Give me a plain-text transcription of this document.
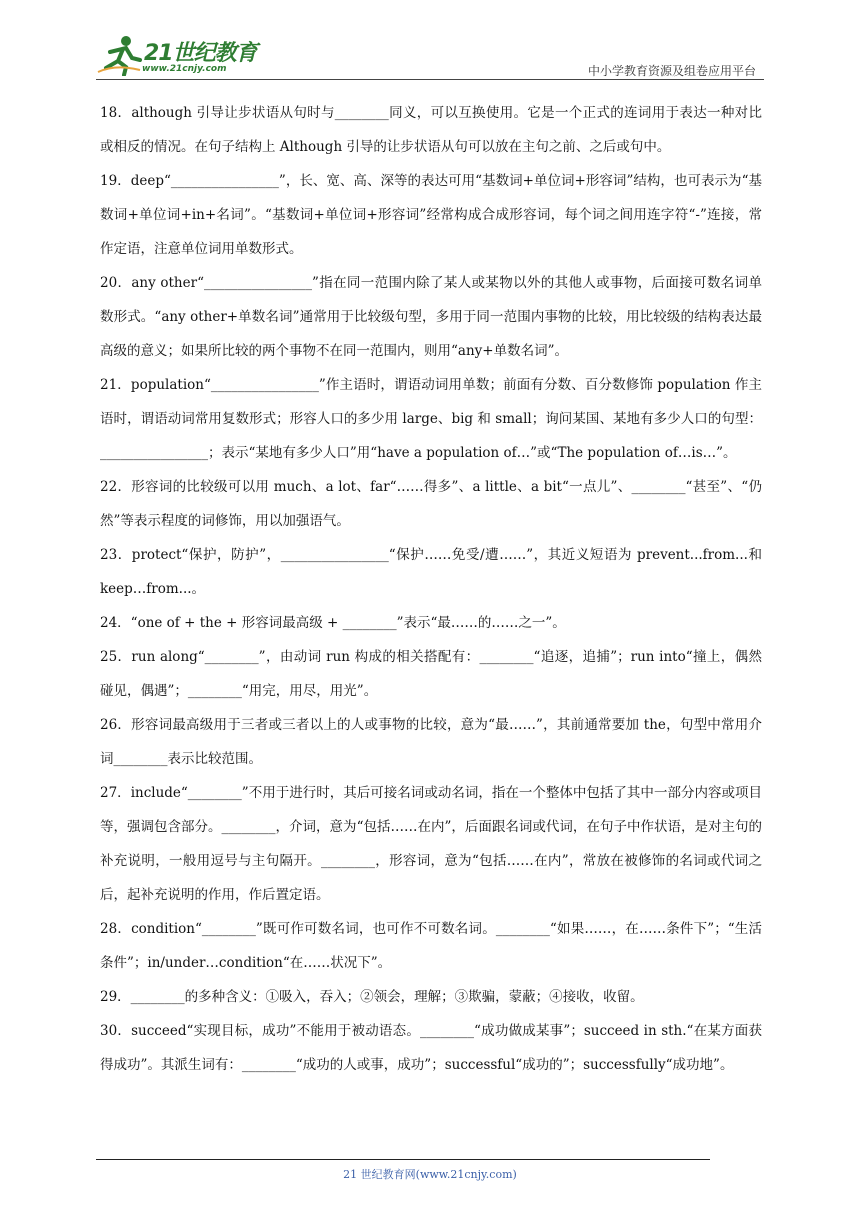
21世纪教育
www.21cnjy.com	中小学教育资源及组卷应用平台

18．although 引导让步状语从句时与________同义，可以互换使用。它是一个正式的连词用于表达一种对比或相反的情况。在句子结构上 Although 引导的让步状语从句可以放在主句之前、之后或句中。

19．deep“________________”，长、宽、高、深等的表达可用“基数词+单位词+形容词”结构，也可表示为“基数词+单位词+in+名词”。“基数词+单位词+形容词”经常构成合成形容词，每个词之间用连字符“-”连接，常作定语，注意单位词用单数形式。

20．any other“________________”指在同一范围内除了某人或某物以外的其他人或事物，后面接可数名词单数形式。“any other+单数名词”通常用于比较级句型，多用于同一范围内事物的比较，用比较级的结构表达最高级的意义；如果所比较的两个事物不在同一范围内，则用“any+单数名词”。

21．population“________________”作主语时，谓语动词用单数；前面有分数、百分数修饰 population 作主语时，谓语动词常用复数形式；形容人口的多少用 large、big 和 small；询问某国、某地有多少人口的句型：________________；表示“某地有多少人口”用“have a population of…”或“The population of…is…”。

22．形容词的比较级可以用 much、a lot、far“……得多”、a little、a bit“一点儿”、________“甚至”、“仍然”等表示程度的词修饰，用以加强语气。

23．protect“保护，防护”，________________“保护……免受/遭……”，其近义短语为 prevent...from...和 keep…from...。

24．“one of + the + 形容词最高级 + ________”表示“最……的……之一”。

25．run along“________”，由动词 run 构成的相关搭配有：________“追逐，追捕”；run into“撞上，偶然碰见，偶遇”；________“用完，用尽，用光”。

26．形容词最高级用于三者或三者以上的人或事物的比较，意为“最……”，其前通常要加 the，句型中常用介词________表示比较范围。

27．include“________”不用于进行时，其后可接名词或动名词，指在一个整体中包括了其中一部分内容或项目等，强调包含部分。________，介词，意为“包括……在内”，后面跟名词或代词，在句子中作状语，是对主句的补充说明，一般用逗号与主句隔开。________，形容词，意为“包括……在内”，常放在被修饰的名词或代词之后，起补充说明的作用，作后置定语。

28．condition“________”既可作可数名词，也可作不可数名词。________“如果……，在……条件下”；“生活条件”；in/under…condition“在……状况下”。

29．________的多种含义：①吸入，吞入；②领会，理解；③欺骗，蒙蔽；④接收，收留。

30．succeed“实现目标，成功”不能用于被动语态。________“成功做成某事”；succeed in sth.“在某方面获得成功”。其派生词有：________“成功的人或事，成功”；successful“成功的”；successfully“成功地”。

21 世纪教育网(www.21cnjy.com)
